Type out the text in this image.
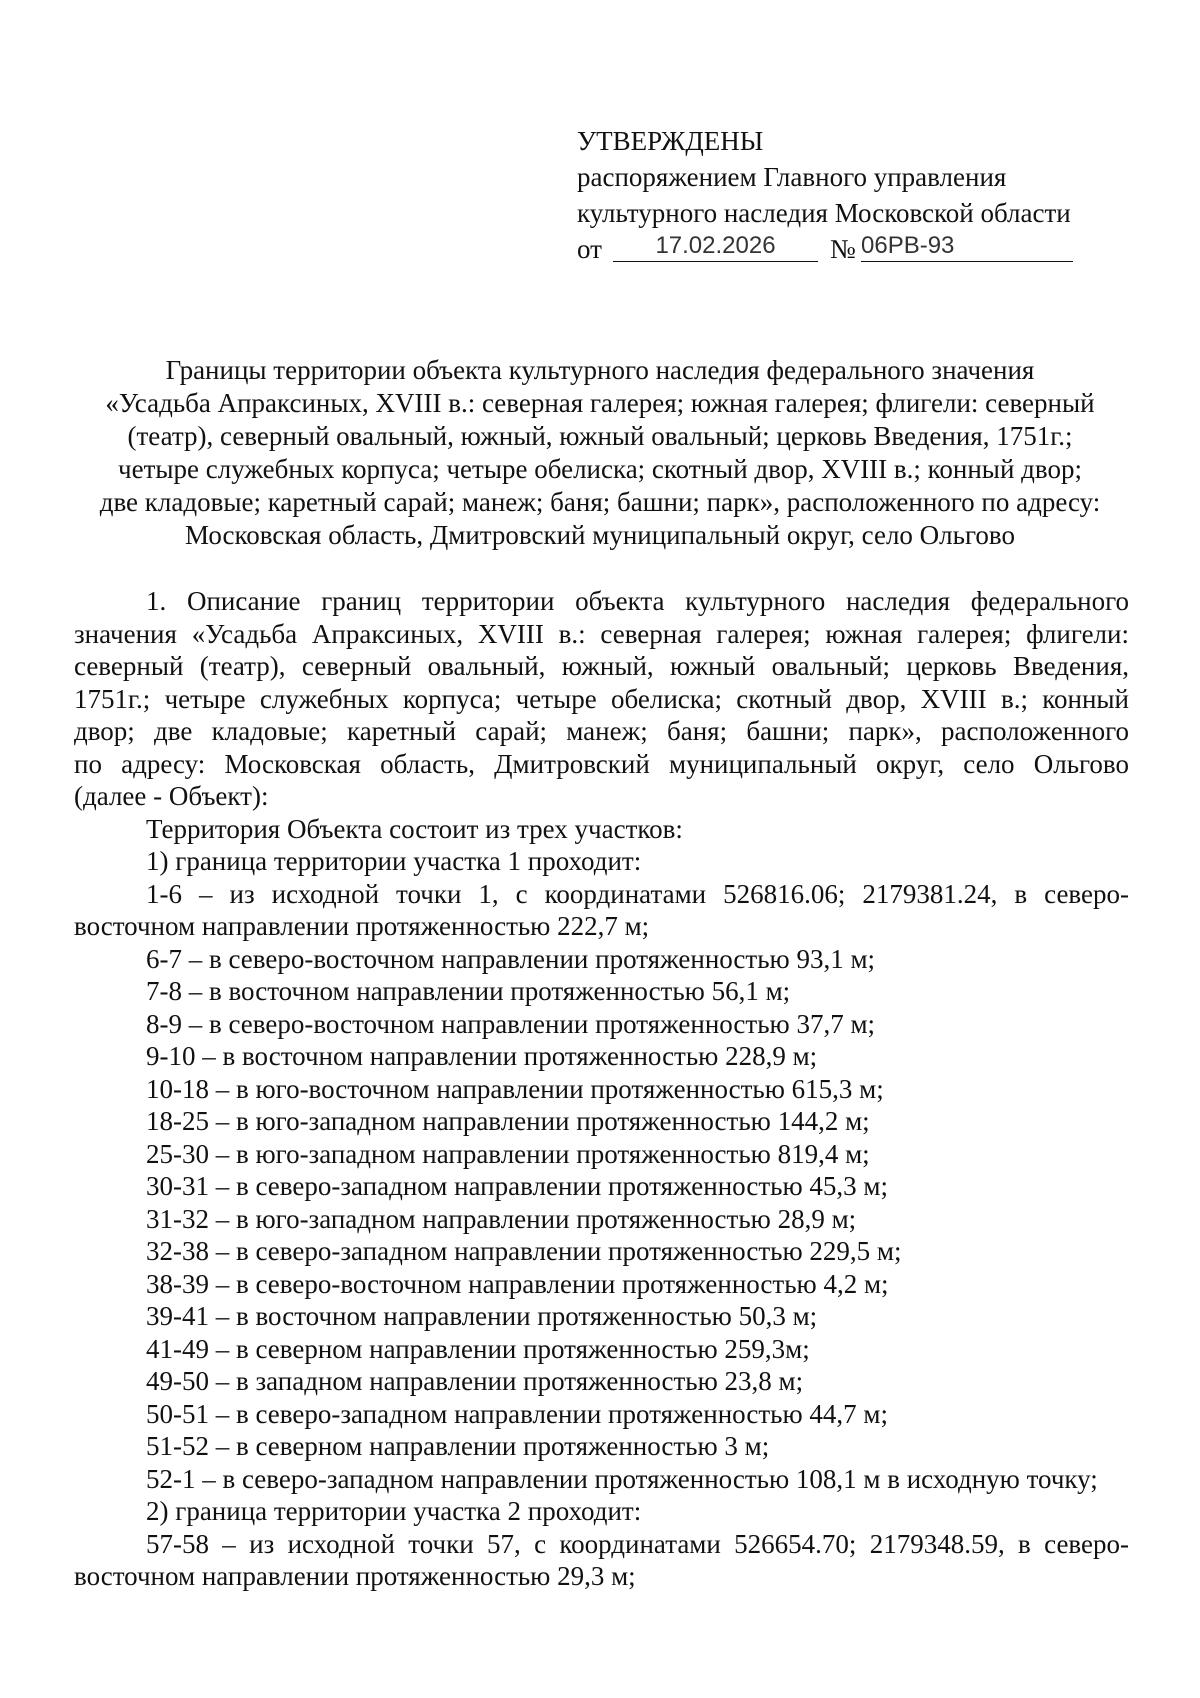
УТВЕРЖДЕНЫ
распоряжением Главного управления
культурного наследия Московской области
от	17.02.2026	№ 06РВ-93
Границы территории объекта культурного наследия федерального значения
«Усадьба Апраксиных, XVIII в.: северная галерея; южная галерея; флигели: северный
(театр), северный овальный, южный, южный овальный; церковь Введения, 1751г.;
четыре служебных корпуса; четыре обелиска; скотный двор, XVIII в.; конный двор;
две кладовые; каретный сарай; манеж; баня; башни; парк», расположенного по адресу:
Московская область, Дмитровский муниципальный округ, село Ольгово

1. Описание границ территории объекта культурного наследия федерального

значения «Усадьба Апраксиных, XVIII в.: северная галерея; южная галерея; флигели:

северный (театр), северный овальный, южный, южный овальный; церковь Введения,

1751г.; четыре служебных корпуса; четыре обелиска; скотный двор, XVIII в.; конный

двор; две кладовые; каретный сарай; манеж; баня; башни; парк», расположенного

по адресу: Московская область, Дмитровский муниципальный округ, село Ольгово

(далее - Объект):

Территория Объекта состоит из трех участков:

1) граница территории участка 1 проходит:

1-6 – из исходной точки 1, с координатами 526816.06; 2179381.24, в северо-

восточном направлении протяженностью 222,7 м;

6-7 – в северо-восточном направлении протяженностью 93,1 м;

7-8 – в восточном направлении протяженностью 56,1 м;

8-9 – в северо-восточном направлении протяженностью 37,7 м;

9-10 – в восточном направлении протяженностью 228,9 м;

10-18 – в юго-восточном направлении протяженностью 615,3 м;

18-25 – в юго-западном направлении протяженностью 144,2 м;

25-30 – в юго-западном направлении протяженностью 819,4 м;

30-31 – в северо-западном направлении протяженностью 45,3 м;

31-32 – в юго-западном направлении протяженностью 28,9 м;

32-38 – в северо-западном направлении протяженностью 229,5 м;

38-39 – в северо-восточном направлении протяженностью 4,2 м;

39-41 – в восточном направлении протяженностью 50,3 м;

41-49 – в северном направлении протяженностью 259,3м;

49-50 – в западном направлении протяженностью 23,8 м;

50-51 – в северо-западном направлении протяженностью 44,7 м;

51-52 – в северном направлении протяженностью 3 м;

52-1 – в северо-западном направлении протяженностью 108,1 м в исходную точку;

2) граница территории участка 2 проходит:

57-58 – из исходной точки 57, с координатами 526654.70; 2179348.59, в северо-

восточном направлении протяженностью 29,3 м;
